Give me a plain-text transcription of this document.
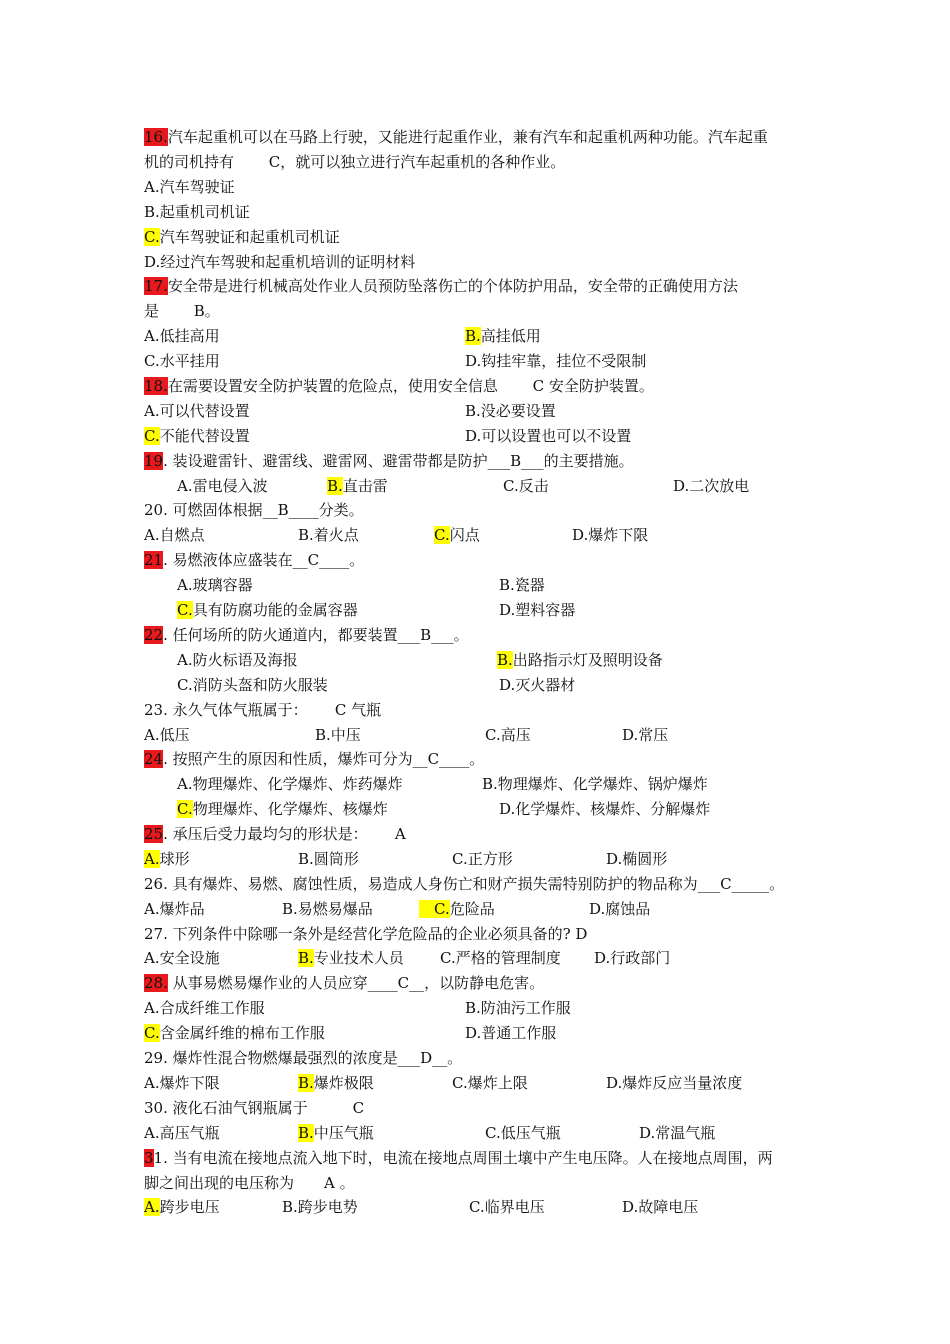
16.汽车起重机可以在马路上行驶，又能进行起重作业，兼有汽车和起重机两种功能。汽车起重
机的司机持有　　 C，就可以独立进行汽车起重机的各种作业。
A.汽车驾驶证
B.起重机司机证
C.汽车驾驶证和起重机司机证
D.经过汽车驾驶和起重机培训的证明材料
17.安全带是进行机械高处作业人员预防坠落伤亡的个体防护用品，安全带的正确使用方法
是　　 B。
A.低挂高用	B.高挂低用
C.水平挂用	D.钩挂牢靠，挂位不受限制
18.在需要设置安全防护装置的危险点，使用安全信息　　 C 安全防护装置。
A.可以代替设置	B.没必要设置
C.不能代替设置	D.可以设置也可以不设置
19. 装设避雷针、避雷线、避雷网、避雷带都是防护___B___的主要措施。
A.雷电侵入波	B.直击雷	C.反击	D.二次放电
20. 可燃固体根据__B____分类。
A.自燃点	B.着火点	C.闪点	D.爆炸下限
21. 易燃液体应盛装在__C____。
A.玻璃容器	B.瓷器
C.具有防腐功能的金属容器	D.塑料容器
22. 任何场所的防火通道内，都要装置___B___。
A.防火标语及海报	B.出路指示灯及照明设备
C.消防头盔和防火服装	D.灭火器材
23. 永久气体气瓶属于：　　 C 气瓶
A.低压	B.中压	C.高压	D.常压
24. 按照产生的原因和性质，爆炸可分为__C____。
A.物理爆炸、化学爆炸、炸药爆炸	B.物理爆炸、化学爆炸、锅炉爆炸
C.物理爆炸、化学爆炸、核爆炸	D.化学爆炸、核爆炸、分解爆炸
25. 承压后受力最均匀的形状是：　　 A
A.球形	B.圆筒形	C.正方形	D.椭圆形
26. 具有爆炸、易燃、腐蚀性质，易造成人身伤亡和财产损失需特别防护的物品称为___C_____。
A.爆炸品	B.易燃易爆品	　C.危险品	D.腐蚀品
27. 下列条件中除哪一条外是经营化学危险品的企业必须具备的? D
A.安全设施	B.专业技术人员 C.严格的管理制度 D.行政部门
28. 从事易燃易爆作业的人员应穿____C__，以防静电危害。
A.合成纤维工作服	B.防油污工作服
C.含金属纤维的棉布工作服	D.普通工作服
29. 爆炸性混合物燃爆最强烈的浓度是___D__。
A.爆炸下限	B.爆炸极限	C.爆炸上限	D.爆炸反应当量浓度
30. 液化石油气钢瓶属于　　　C
A.高压气瓶	B.中压气瓶	C.低压气瓶	D.常温气瓶
31. 当有电流在接地点流入地下时，电流在接地点周围土壤中产生电压降。人在接地点周围，两
脚之间出现的电压称为　　A 。
A.跨步电压	B.跨步电势	C.临界电压	D.故障电压
